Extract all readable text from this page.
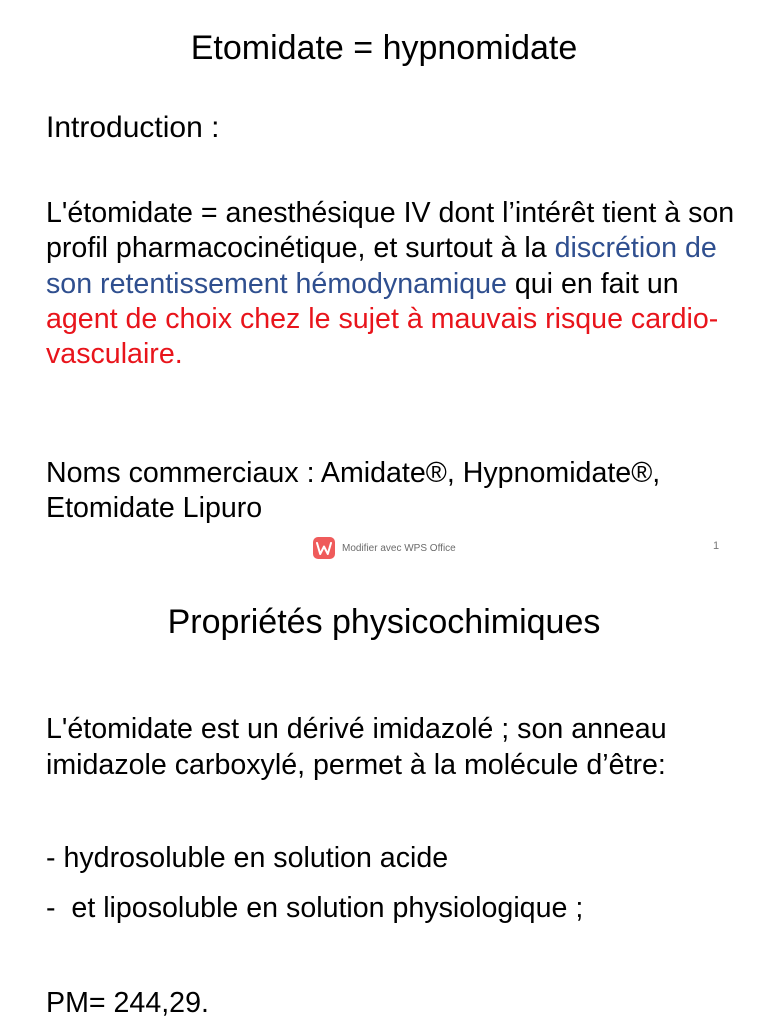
Etomidate = hypnomidate
Introduction :

L'étomidate = anesthésique IV dont l’intérêt tient à son profil pharmacocinétique, et surtout à la discrétion de son retentissement hémodynamique qui en fait un agent de choix chez le sujet à mauvais risque cardio-vasculaire.

Noms commerciaux : Amidate®, Hypnomidate®, Etomidate Lipuro

Modifier avec WPS Office	1
Propriétés physicochimiques

L'étomidate est un dérivé imidazolé ; son anneau imidazole carboxylé, permet à la molécule d’être:

- hydrosoluble en solution acide

-  et liposoluble en solution physiologique ;

PM= 244,29.
